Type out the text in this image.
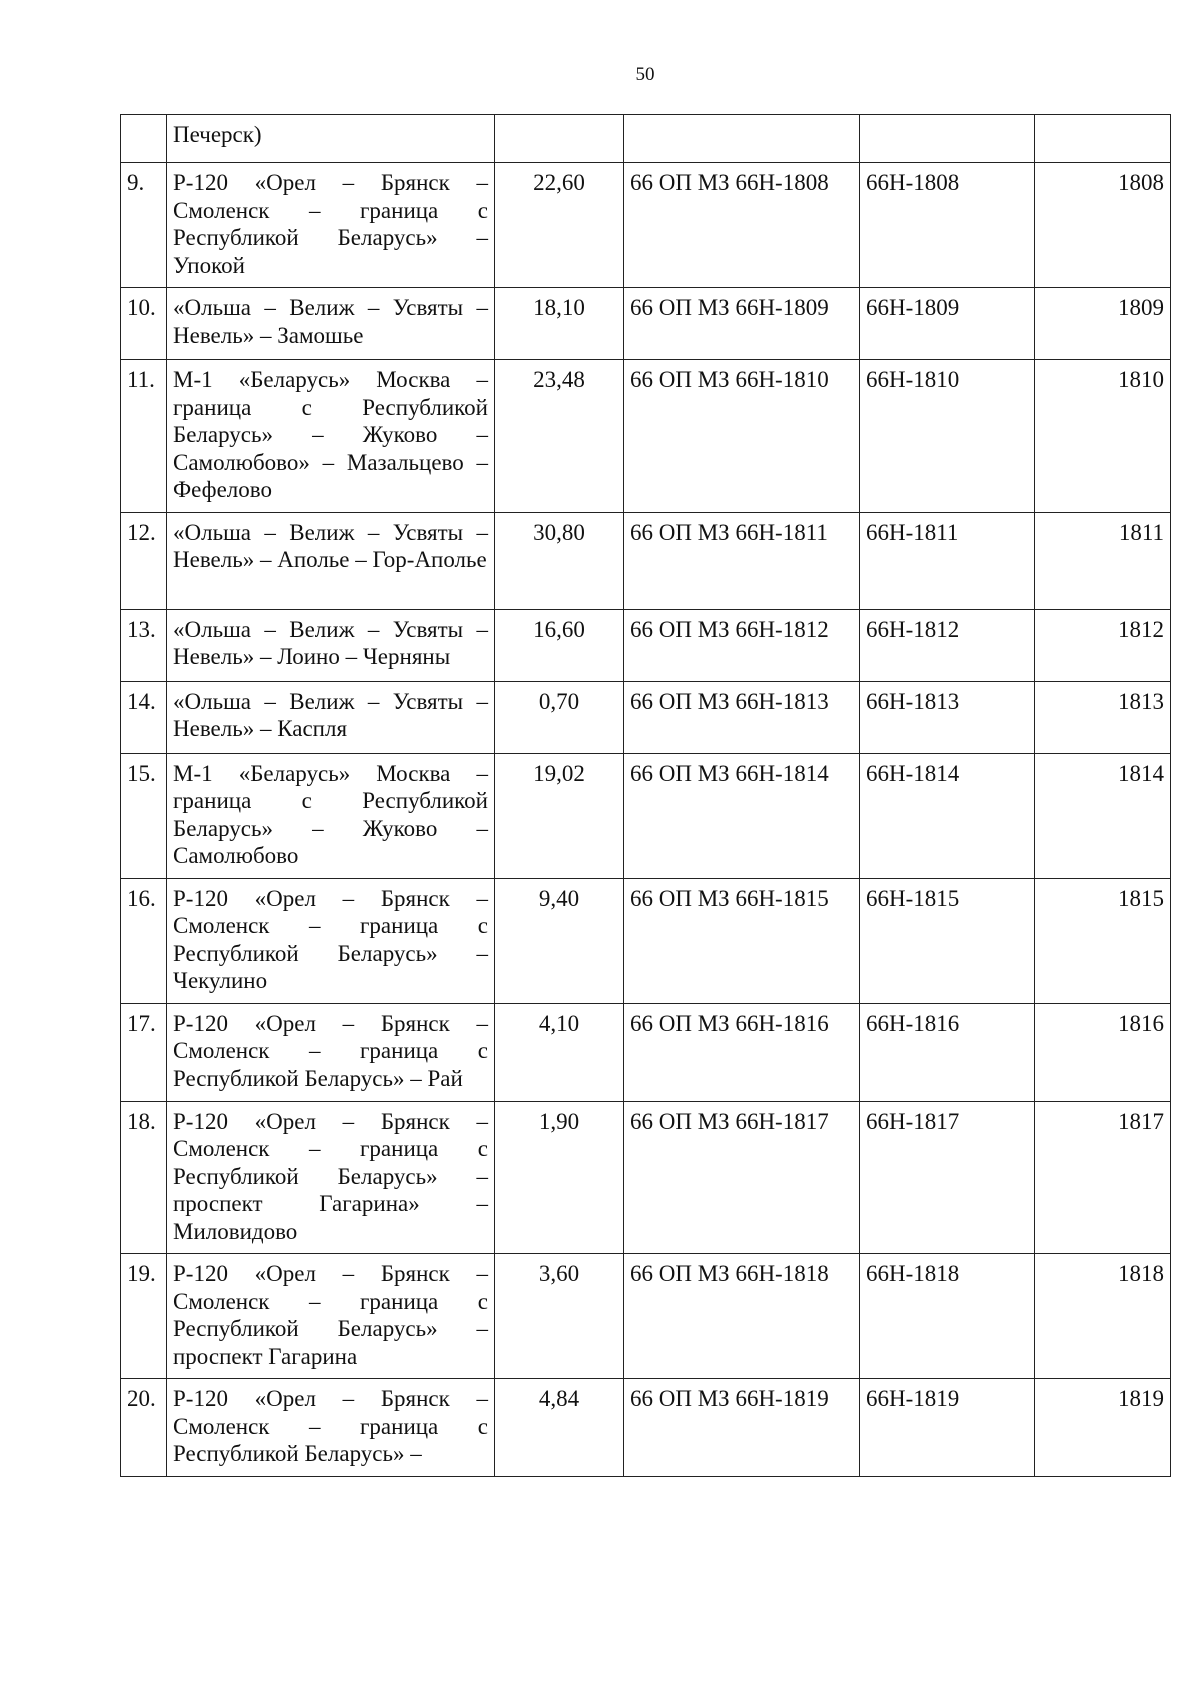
50
	Печерск)				
9.	Р-120 «Орел – Брянск – Смоленск – граница с Республикой Беларусь» – Упокой	22,60	66 ОП МЗ 66Н-1808	66Н-1808	1808
10.	«Ольша – Велиж – Усвяты – Невель» – Замошье	18,10	66 ОП МЗ 66Н-1809	66Н-1809	1809
11.	М-1 «Беларусь» Москва – граница с Республикой Беларусь» – Жуково – Самолюбово» – Мазальцево – Фефелово	23,48	66 ОП МЗ 66Н-1810	66Н-1810	1810
12.	«Ольша – Велиж – Усвяты – Невель» – Аполье – Гор-Аполье	30,80	66 ОП МЗ 66Н-1811	66Н-1811	1811
13.	«Ольша – Велиж – Усвяты – Невель» – Лоино – Черняны	16,60	66 ОП МЗ 66Н-1812	66Н-1812	1812
14.	«Ольша – Велиж – Усвяты – Невель» – Каспля	0,70	66 ОП МЗ 66Н-1813	66Н-1813	1813
15.	М-1 «Беларусь» Москва – граница с Республикой Беларусь» – Жуково – Самолюбово	19,02	66 ОП МЗ 66Н-1814	66Н-1814	1814
16.	Р-120 «Орел – Брянск – Смоленск – граница с Республикой Беларусь» – Чекулино	9,40	66 ОП МЗ 66Н-1815	66Н-1815	1815
17.	Р-120 «Орел – Брянск – Смоленск – граница с Республикой Беларусь» – Рай	4,10	66 ОП МЗ 66Н-1816	66Н-1816	1816
18.	Р-120 «Орел – Брянск – Смоленск – граница с Республикой Беларусь» – проспект Гагарина» – Миловидово	1,90	66 ОП МЗ 66Н-1817	66Н-1817	1817
19.	Р-120 «Орел – Брянск – Смоленск – граница с Республикой Беларусь» – проспект Гагарина	3,60	66 ОП МЗ 66Н-1818	66Н-1818	1818
20.	Р-120 «Орел – Брянск – Смоленск – граница с Республикой Беларусь» –	4,84	66 ОП МЗ 66Н-1819	66Н-1819	1819
